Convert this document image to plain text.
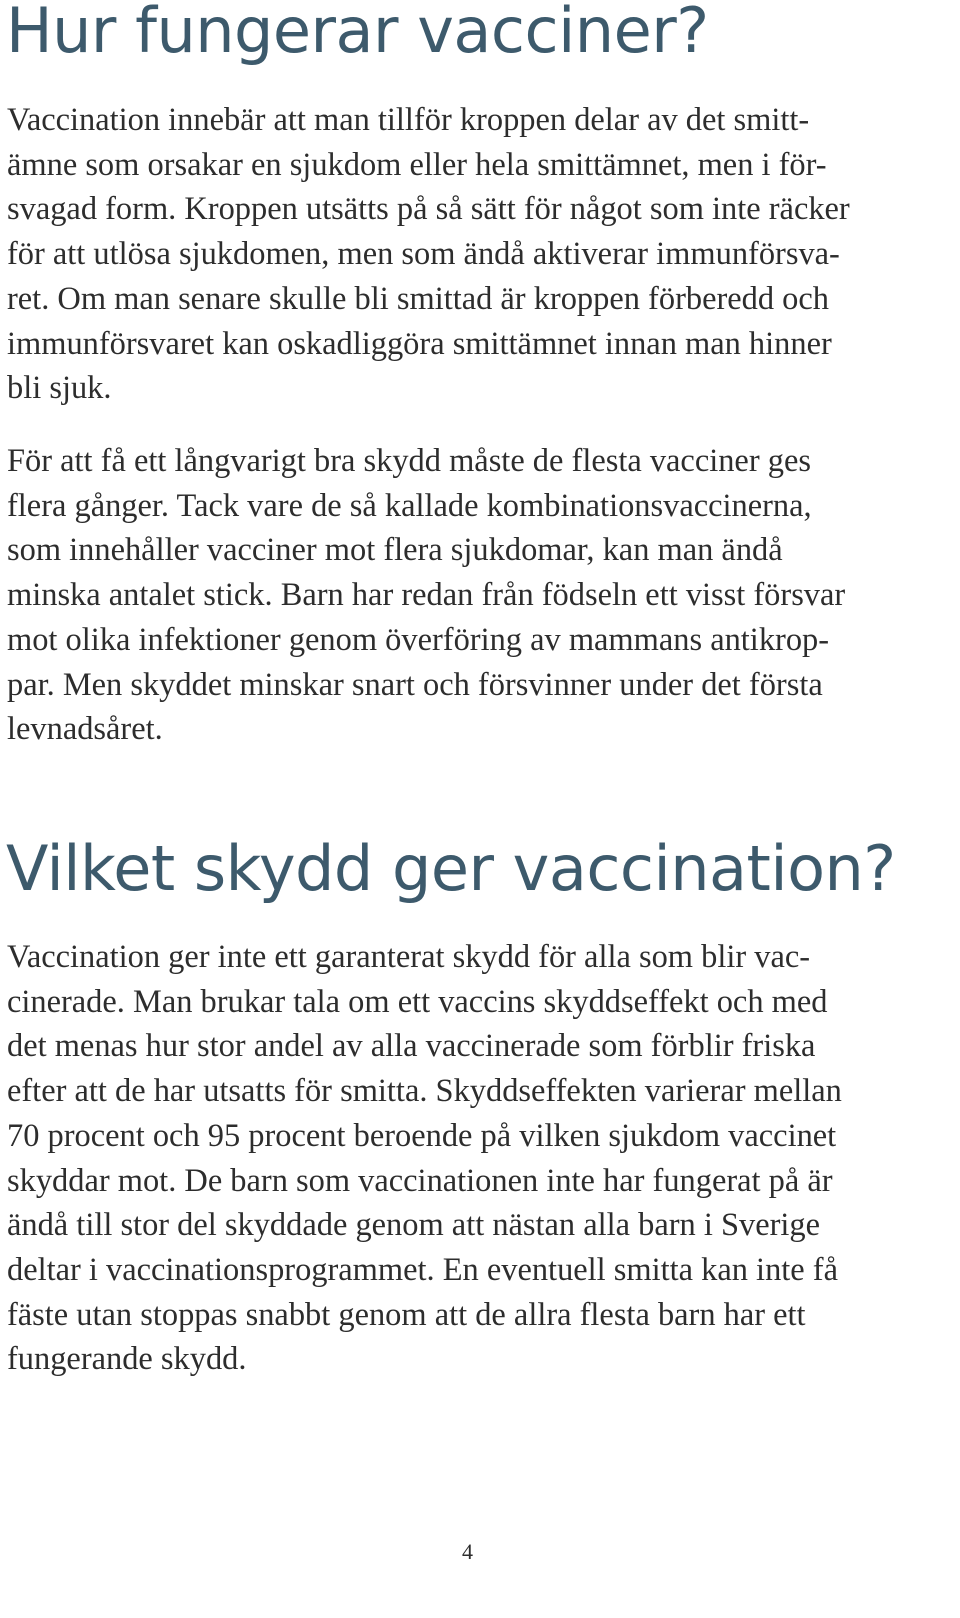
Hur fungerar vacciner?

Vaccination innebär att man tillför kroppen delar av det smitt-
ämne som orsakar en sjukdom eller hela smittämnet, men i för-
svagad form. Kroppen utsätts på så sätt för något som inte räcker
för att utlösa sjukdomen, men som ändå aktiverar immunförsva-
ret. Om man senare skulle bli smittad är kroppen förberedd och
immunförsvaret kan oskadliggöra smittämnet innan man hinner
bli sjuk.

För att få ett långvarigt bra skydd måste de flesta vacciner ges
flera gånger. Tack vare de så kallade kombinationsvaccinerna,
som innehåller vacciner mot flera sjukdomar, kan man ändå
minska antalet stick. Barn har redan från födseln ett visst försvar
mot olika infektioner genom överföring av mammans antikrop-
par. Men skyddet minskar snart och försvinner under det första
levnadsåret.

Vilket skydd ger vaccination?

Vaccination ger inte ett garanterat skydd för alla som blir vac-
cinerade. Man brukar tala om ett vaccins skyddseffekt och med
det menas hur stor andel av alla vaccinerade som förblir friska
efter att de har utsatts för smitta. Skyddseffekten varierar mellan
70 procent och 95 procent beroende på vilken sjukdom vaccinet
skyddar mot. De barn som vaccinationen inte har fungerat på är
ändå till stor del skyddade genom att nästan alla barn i Sverige
deltar i vaccinationsprogrammet. En eventuell smitta kan inte få
fäste utan stoppas snabbt genom att de allra flesta barn har ett
fungerande skydd.

4
